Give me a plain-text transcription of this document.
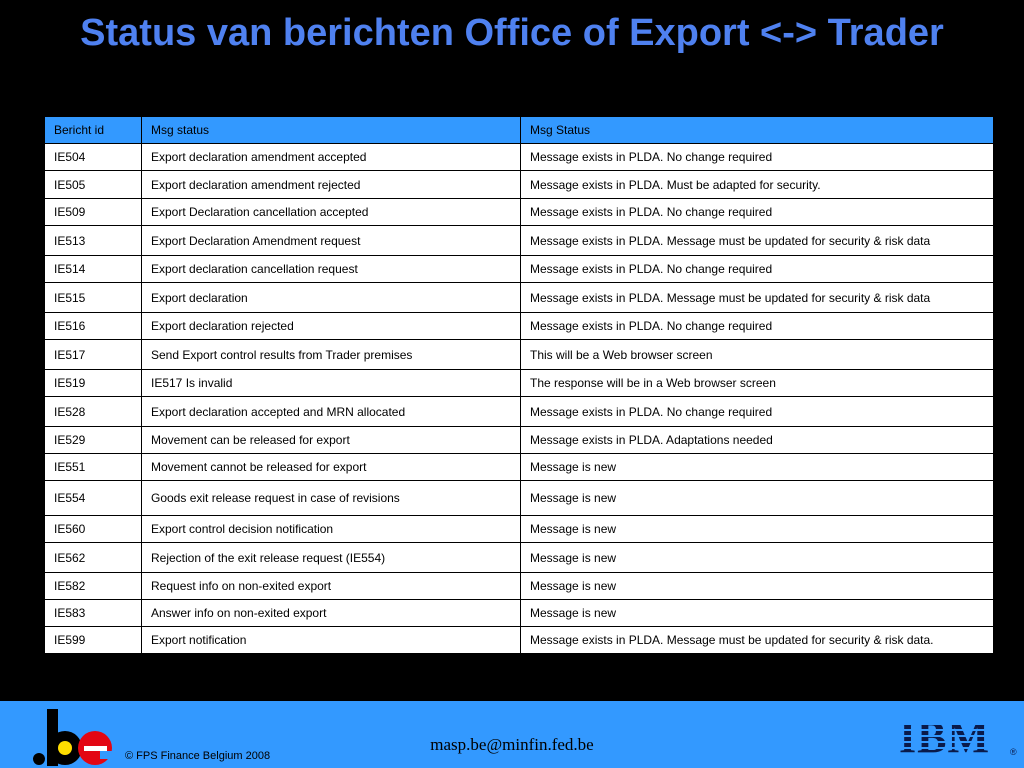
Status van berichten Office of Export <-> Trader
Bericht id	Msg status	Msg Status
IE504	Export declaration amendment accepted	Message exists in PLDA. No change required
IE505	Export declaration amendment rejected	Message exists in PLDA. Must be adapted for security.
IE509	Export Declaration cancellation accepted	Message exists in PLDA. No change required
IE513	Export Declaration Amendment request	Message exists in PLDA. Message must be updated for security & risk data
IE514	Export declaration cancellation request	Message exists in PLDA. No change required
IE515	Export declaration	Message exists in PLDA. Message must be updated for security & risk data
IE516	Export declaration rejected	Message exists in PLDA. No change required
IE517	Send Export control results from Trader premises	This will be a Web browser screen
IE519	IE517 Is invalid	The response will be in a Web browser screen
IE528	Export declaration accepted and MRN allocated	Message exists in PLDA. No change required
IE529	Movement can be released for export	Message exists in PLDA. Adaptations needed
IE551	Movement cannot be released for export	Message is new
IE554	Goods exit release request in case of revisions	Message is new
IE560	Export control decision notification	Message is new
IE562	Rejection of the exit release request (IE554)	Message is new
IE582	Request info on non-exited export	Message is new
IE583	Answer info on non-exited export	Message is new
IE599	Export notification	Message exists in PLDA. Message must be updated for security & risk data.
© FPS Finance Belgium 2008
masp.be@minfin.fed.be	®
